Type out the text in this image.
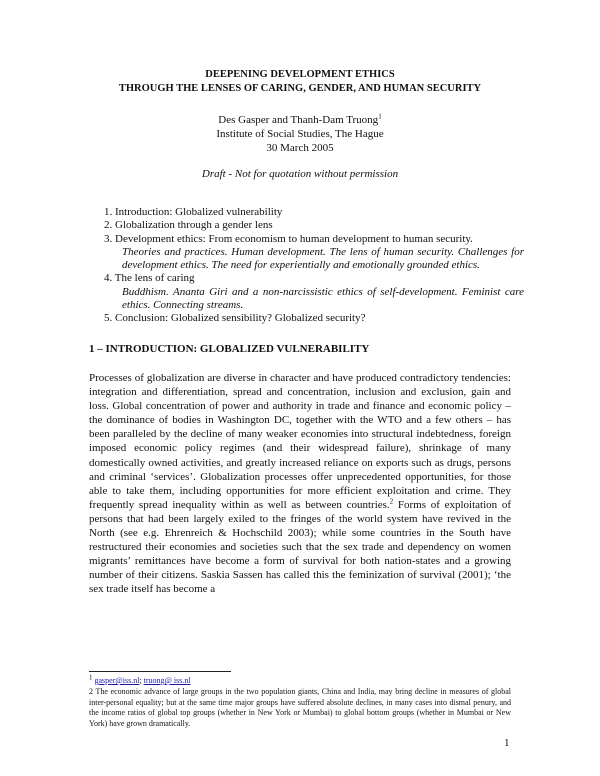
DEEPENING DEVELOPMENT ETHICS
THROUGH THE LENSES OF CARING, GENDER, AND HUMAN SECURITY
Des Gasper and Thanh-Dam Truong$^1$
Institute of Social Studies, The Hague
30 March 2005
Draft - Not for quotation without permission
1. Introduction: Globalized vulnerability
2. Globalization through a gender lens
3. Development ethics: From economism to human development to human security.
Theories and practices. Human development. The lens of human security. Challenges for development ethics. The need for experientially and emotionally grounded ethics.
4. The lens of caring
Buddhism. Ananta Giri and a non-narcissistic ethics of self-development. Feminist care ethics. Connecting streams.
5. Conclusion: Globalized sensibility? Globalized security?
1 – INTRODUCTION: GLOBALIZED VULNERABILITY
Processes of globalization are diverse in character and have produced contradictory tendencies: integration and differentiation, spread and concentration, inclusion and exclusion, gain and loss. Global concentration of power and authority in trade and finance and economic policy – the dominance of bodies in Washington DC, together with the WTO and a few others – has been paralleled by the decline of many weaker economies into structural indebtedness, foreign imposed economic policy regimes (and their widespread failure), shrinkage of many domestically owned activities, and greatly increased reliance on exports such as drugs, persons and criminal ‘services’. Globalization processes offer unprecedented opportunities, for those able to take them, including opportunities for more efficient exploitation and crime. They frequently spread inequality within as well as between countries.$^2$ Forms of exploitation of persons that had been largely exiled to the fringes of the world system have revived in the North (see e.g. Ehrenreich & Hochschild 2003); while some countries in the South have restructured their economies and societies such that the sex trade and dependency on women migrants’ remittances have become a form of survival for both nation-states and a growing number of their citizens. Saskia Sassen has called this the feminization of survival (2001); ‘the sex trade itself has become a
$^1$ gasper@iss.nl; truong@ iss.nl
2 The economic advance of large groups in the two population giants, China and India, may bring decline in measures of global inter-personal equality; but at the same time major groups have suffered absolute declines, in many cases into dismal penury, and the income ratios of global top groups (whether in New York or Mumbai) to global bottom groups (whether in Mumbai or New York) have grown dramatically.
1
